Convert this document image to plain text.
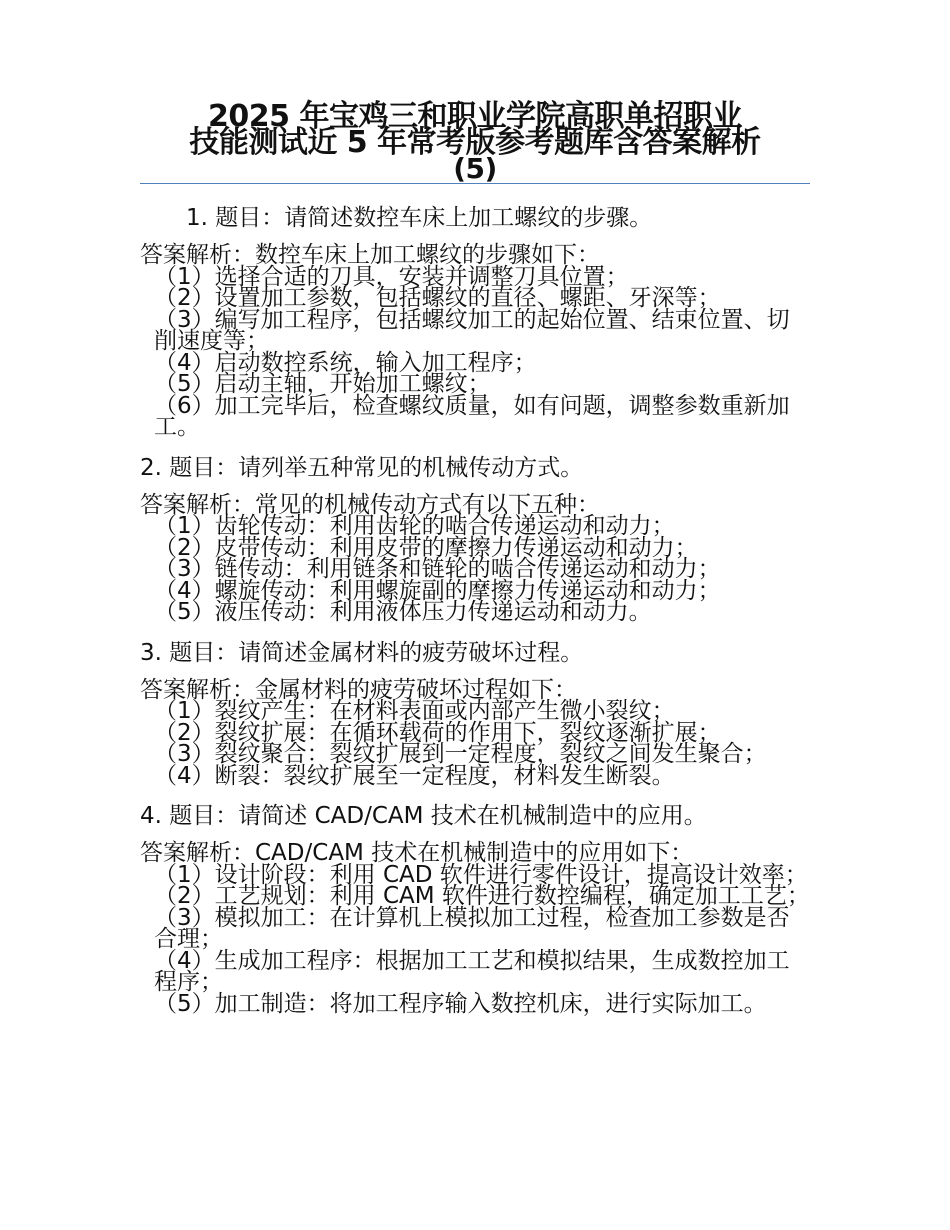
2025 年宝鸡三和职业学院高职单招职业
技能测试近 5 年常考版参考题库含答案解析
(5)
1. 题目：请简述数控车床上加工螺纹的步骤。

答案解析：数控车床上加工螺纹的步骤如下：

（1）选择合适的刀具，安装并调整刀具位置；

（2）设置加工参数，包括螺纹的直径、螺距、牙深等；

（3）编写加工程序，包括螺纹加工的起始位置、结束位置、切削速度等；

（4）启动数控系统，输入加工程序；

（5）启动主轴，开始加工螺纹；

（6）加工完毕后，检查螺纹质量，如有问题，调整参数重新加工。

2. 题目：请列举五种常见的机械传动方式。

答案解析：常见的机械传动方式有以下五种：

（1）齿轮传动：利用齿轮的啮合传递运动和动力；

（2）皮带传动：利用皮带的摩擦力传递运动和动力；

（3）链传动：利用链条和链轮的啮合传递运动和动力；

（4）螺旋传动：利用螺旋副的摩擦力传递运动和动力；

（5）液压传动：利用液体压力传递运动和动力。

3. 题目：请简述金属材料的疲劳破坏过程。

答案解析：金属材料的疲劳破坏过程如下：

（1）裂纹产生：在材料表面或内部产生微小裂纹；

（2）裂纹扩展：在循环载荷的作用下，裂纹逐渐扩展；

（3）裂纹聚合：裂纹扩展到一定程度，裂纹之间发生聚合；

（4）断裂：裂纹扩展至一定程度，材料发生断裂。

4. 题目：请简述 CAD/CAM 技术在机械制造中的应用。

答案解析：CAD/CAM 技术在机械制造中的应用如下：

（1）设计阶段：利用 CAD 软件进行零件设计，提高设计效率；

（2）工艺规划：利用 CAM 软件进行数控编程，确定加工工艺；

（3）模拟加工：在计算机上模拟加工过程，检查加工参数是否合理；

（4）生成加工程序：根据加工工艺和模拟结果，生成数控加工程序；

（5）加工制造：将加工程序输入数控机床，进行实际加工。
